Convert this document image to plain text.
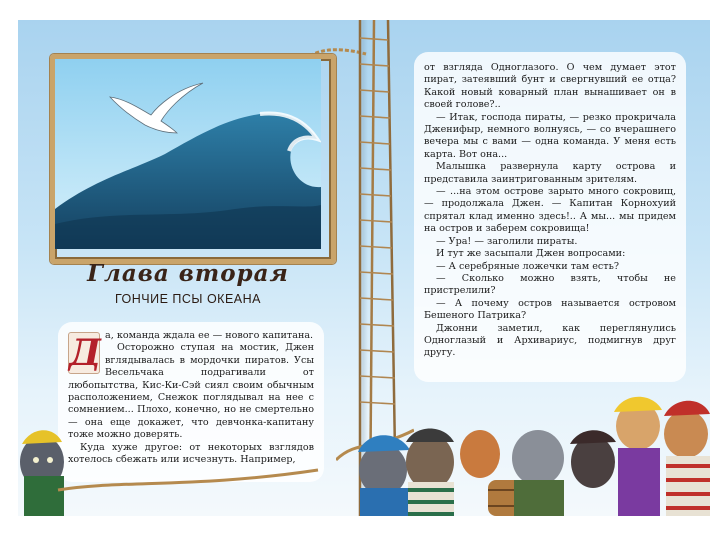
Глава вторая
ГОНЧИЕ ПСЫ ОКЕАНА
Д а, команда ждала ее — нового капитана.

Осторожно ступая на мостик, Джен вглядывалась в мордочки пиратов. Усы Весельчака подрагивали от любопытства, Кис-Ки-Сэй сиял своим обычным расположением, Снежок поглядывал на нее с сомнением... Плохо, конечно, но не смертельно — она еще докажет, что девчонка-капитану тоже можно доверять.

Куда хуже другое: от некоторых взглядов хотелось сбежать или исчезнуть. Например,

от взгляда Одноглазого. О чем думает этот пират, затеявший бунт и свергнувший ее отца? Какой новый коварный план вынашивает он в своей голове?..

— Итак, господа пираты, — резко прокричала Дженифыр, немного волнуясь, — со вчерашнего вечера мы с вами — одна команда. У меня есть карта. Вот она...

Малышка развернула карту острова и представила заинтригованным зрителям.

— ...на этом острове зарыто много сокровищ, — продолжала Джен. — Капитан Корнохуий спрятал клад именно здесь!.. А мы... мы придем на остров и заберем сокровища!

— Ура! — заголили пираты.

И тут же засыпали Джен вопросами:

— А серебряные ложечки там есть?

— Сколько можно взять, чтобы не пристрелили?

— А почему остров называется островом Бешеного Патрика?

Джонни заметил, как переглянулись Одноглазый и Архивариус, подмигнув друг другу.
